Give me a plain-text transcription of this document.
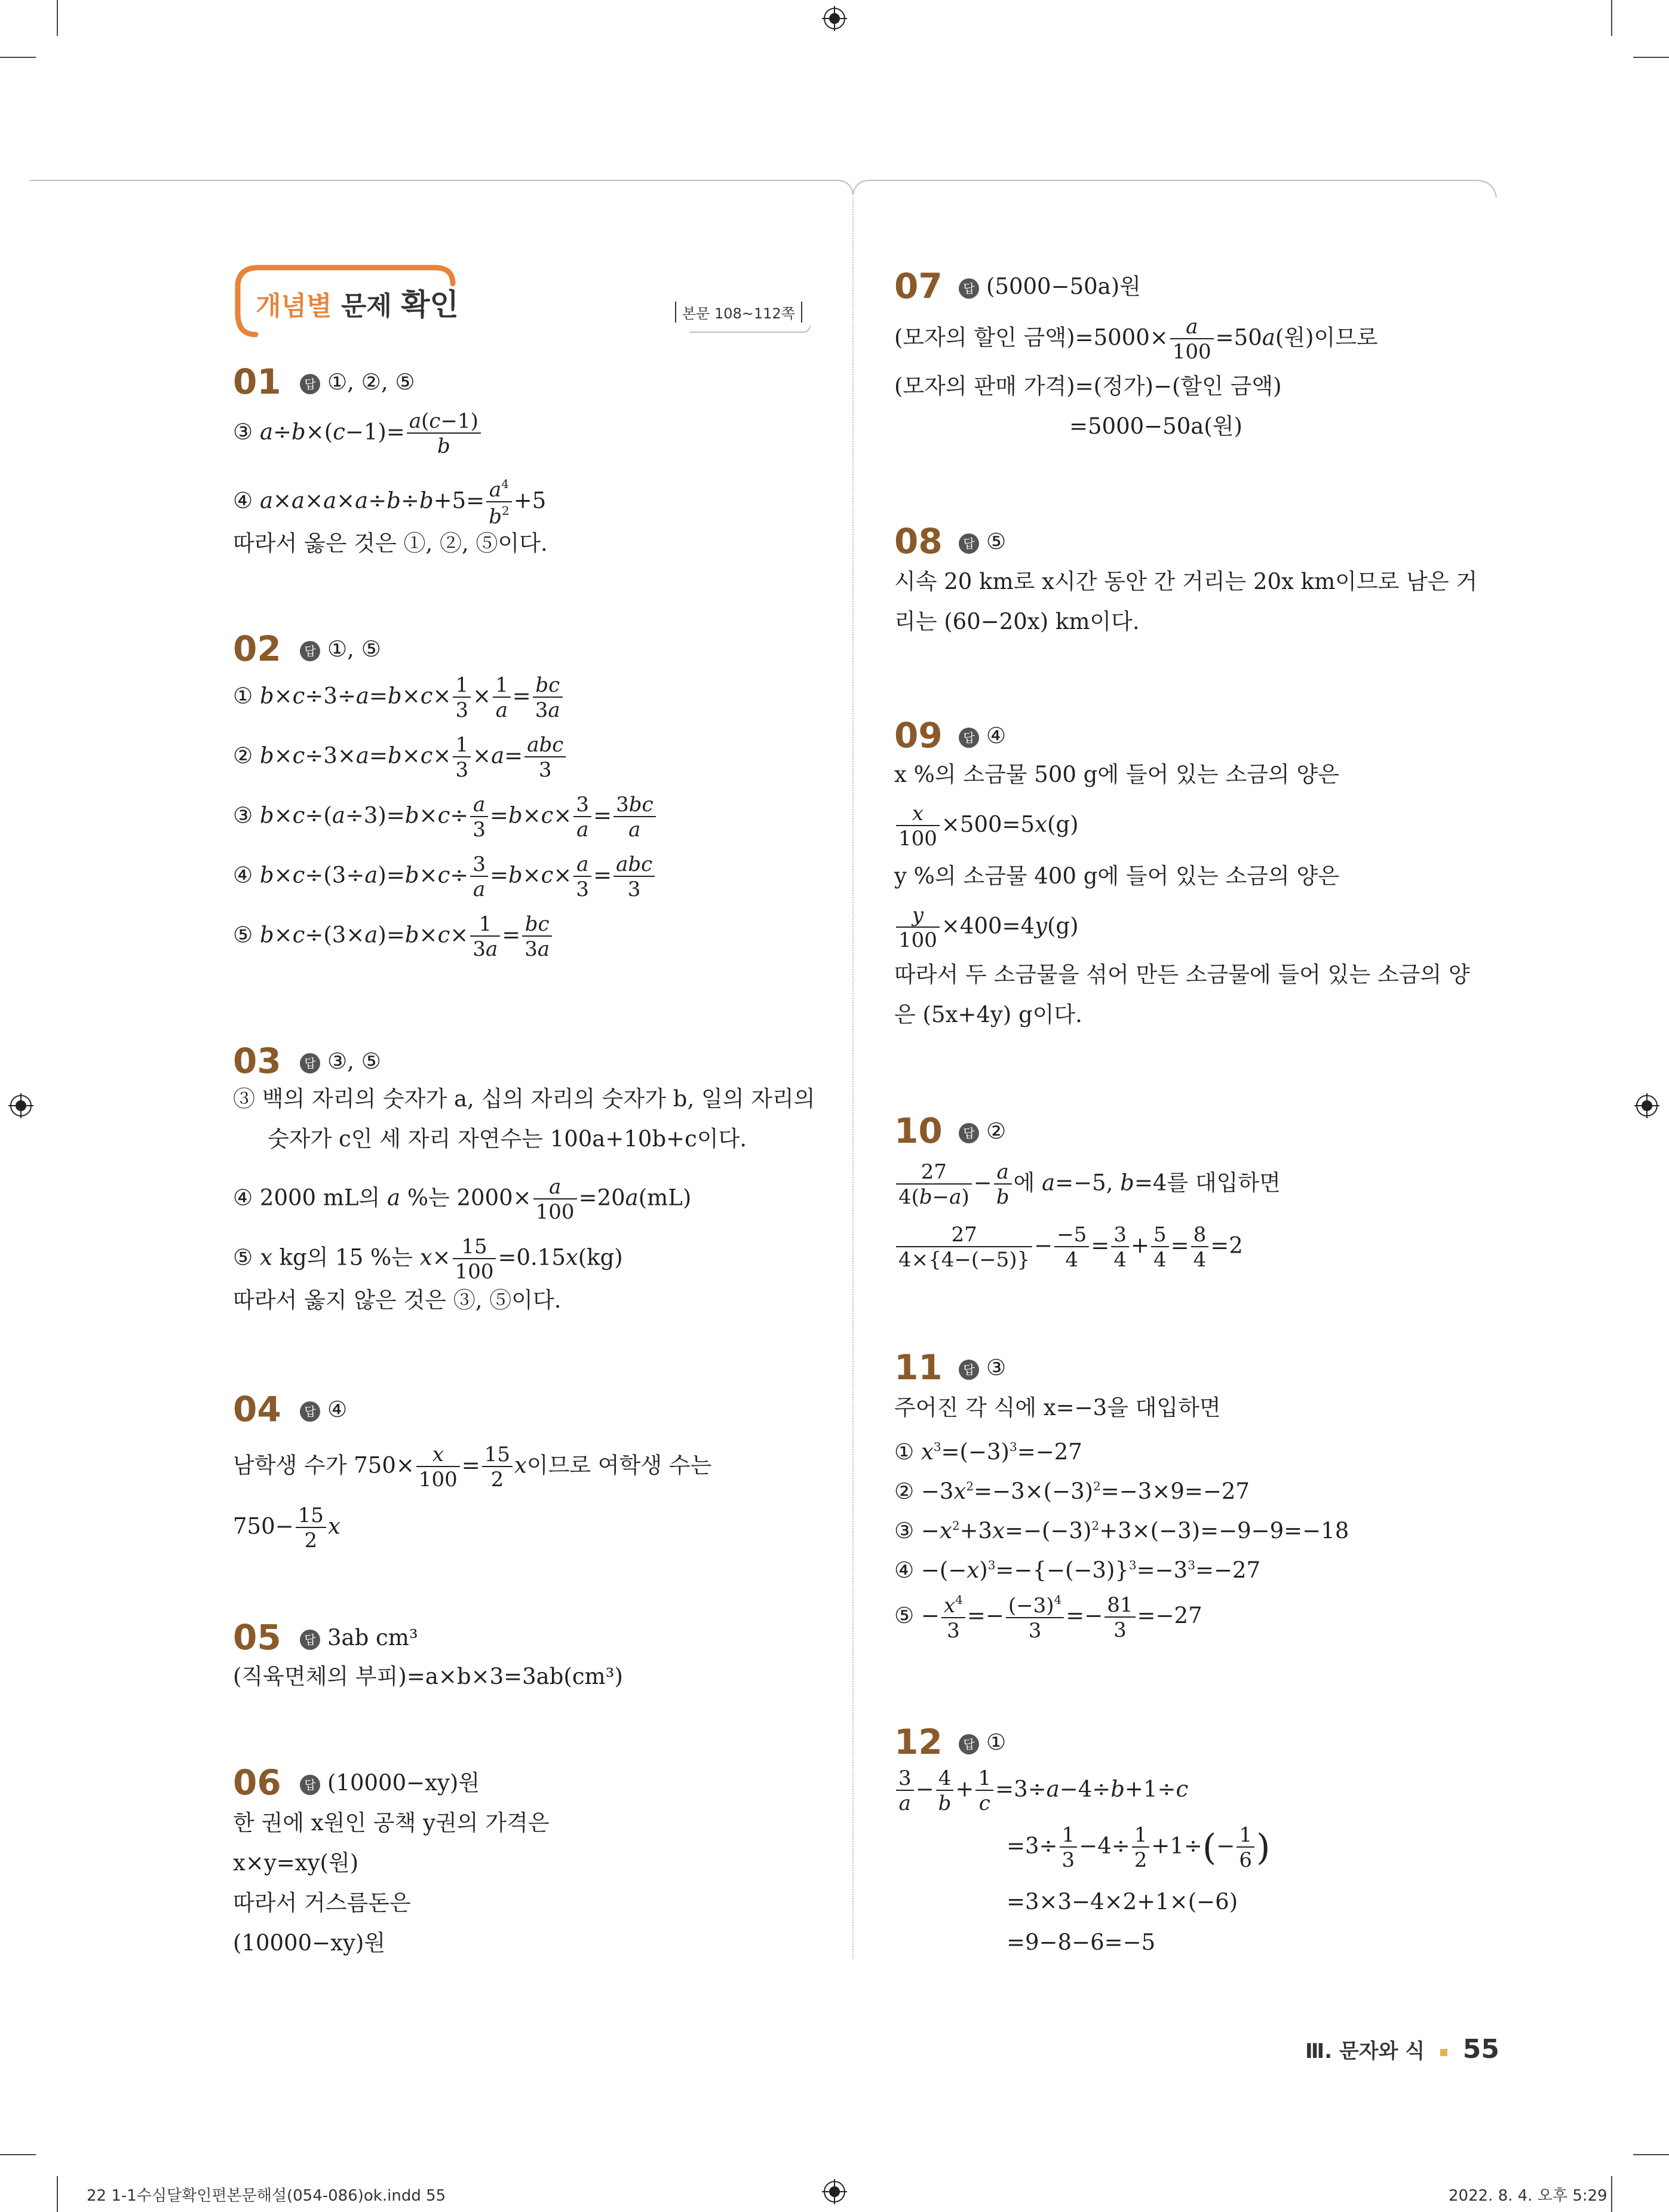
개념별 문제 확인	본문 108~112쪽
01	답 ①, ②, ⑤
③ $a\div b\times(c-1)= \frac{a(c-1)}{b}$
④ $a\times a\times a\times a\div b\div b+5= \frac{a^4}{b^2} +5$
따라서 옳은 것은 ①, ②, ⑤이다.
02	답 ①, ⑤
① $b\times c\div 3\div a=b\times c\times \frac{1}{3} \times \frac{1}{a} = \frac{bc}{3a}$
② $b\times c\div 3\times a=b\times c\times \frac{1}{3} \times a= \frac{\text{abc}}{3}$
③ $b\times c\div(a\div 3)=b\times c\div \frac{a}{3} =b\times c\times \frac{3}{a} = \frac{3bc}{a}$
④ $b\times c\div(3\div a)=b\times c\div \frac{3}{a} =b\times c\times \frac{a}{3} = \frac{\text{abc}}{3}$
⑤ $b\times c\div(3\times a)=b\times c\times \frac{1}{3a} = \frac{bc}{3a}$
03	답 ③, ⑤
③ 백의 자리의 숫자가 a, 십의 자리의 숫자가 b, 일의 자리의
숫자가 c인 세 자리 자연수는 100a+10b+c이다.
④ 2000 mL의 a %는 $2000\times \frac{a}{100} =20a(mL)$
⑤ x kg의 15 %는 $x\times \frac{15}{100} =0.15x(kg)$
따라서 옳지 않은 것은 ③, ⑤이다.
04	답 ④
남학생 수가 $750\times \frac{x}{100} = \frac{15}{2}$ x이므로 여학생 수는
$750- \frac{15}{2}$ x
05	답 3ab cm³
(직육면체의 부피)=a×b×3=3ab(cm³)
06	답 (10000−xy)원
한 권에 x원인 공책 y권의 가격은
x×y=xy(원)
따라서 거스름돈은
(10000−xy)원
07	답 (5000−50a)원
(모자의 할인 금액)$=5000\times \frac{a}{100} =50a$(원)이므로
(모자의 판매 가격)=(정가)−(할인 금액)
=5000−50a(원)
08	답 ⑤
시속 20 km로 x시간 동안 간 거리는 20x km이므로 남은 거
리는 (60−20x) km이다.
09	답 ④
x %의 소금물 500 g에 들어 있는 소금의 양은
$\frac{x}{100} \times 500=5x(g)$
y %의 소금물 400 g에 들어 있는 소금의 양은
$\frac{y}{100} \times 400=4y(g)$
따라서 두 소금물을 섞어 만든 소금물에 들어 있는 소금의 양
은 (5x+4y) g이다.
10	답 ②
$\frac{27}{4(b-a)} - \frac{a}{b}$ 에 a=−5, b=4를 대입하면
$\frac{27}{4\times\{4-(-5)\}} - \frac{-5}{4} = \frac{3}{4} + \frac{5}{4} = \frac{8}{4} =2$
11	답 ③
주어진 각 식에 x=−3을 대입하면
① $x^3=(-3)^3=-27$
② $-3x^2=-3\times(-3)^2=-3\times 9=-27$
③ $-x^2+3x=-(-3)^2+3\times(-3)=-9-9=-18$
④ $-(-x)^3=-\{-(-3)\}^3=-3^3=-27$
⑤ − $\frac{x^4}{3} =- \frac{(-3)^4}{3} =- \frac{81}{3} =-27$
12	답 ①
$\frac{3}{a} - \frac{4}{b} + \frac{1}{c} =3\div a-4\div b+1\div c$
$=3\div \frac{1}{3} -4\div \frac{1}{2} +1\div(- \frac{1}{6}$ )
=3×3−4×2+1×(−6)
=9−8−6=−5
Ⅲ. 문자와 식 55
22 1-1수심달확인편본문해설(054-086)ok.indd 55	2022. 8. 4. 오후 5:29
